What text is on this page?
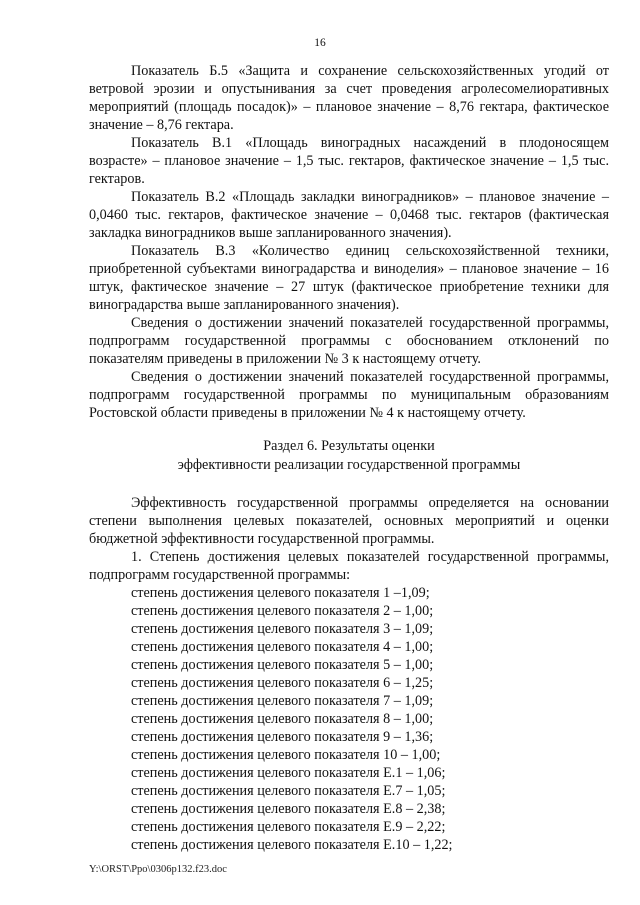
16

Показатель Б.5 «Защита и сохранение сельскохозяйственных угодий от ветровой эрозии и опустынивания за счет проведения агролесомелиоративных мероприятий (площадь посадок)» – плановое значение – 8,76 гектара, фактическое значение – 8,76 гектара.

Показатель В.1 «Площадь виноградных насаждений в плодоносящем возрасте» – плановое значение – 1,5 тыс. гектаров, фактическое значение – 1,5 тыс. гектаров.

Показатель В.2 «Площадь закладки виноградников» – плановое значение – 0,0460 тыс. гектаров, фактическое значение – 0,0468 тыс. гектаров (фактическая закладка виноградников выше запланированного значения).

Показатель В.3 «Количество единиц сельскохозяйственной техники, приобретенной субъектами виноградарства и виноделия» – плановое значение – 16 штук, фактическое значение – 27 штук (фактическое приобретение техники для виноградарства выше запланированного значения).

Сведения о достижении значений показателей государственной программы, подпрограмм государственной программы с обоснованием отклонений по показателям приведены в приложении № 3 к настоящему отчету.

Сведения о достижении значений показателей государственной программы, подпрограмм государственной программы по муниципальным образованиям Ростовской области приведены в приложении № 4 к настоящему отчету.

Раздел 6. Результаты оценки
эффективности реализации государственной программы

Эффективность государственной программы определяется на основании степени выполнения целевых показателей, основных мероприятий и оценки бюджетной эффективности государственной программы.

1. Степень достижения целевых показателей государственной программы, подпрограмм государственной программы:

степень достижения целевого показателя 1 –1,09;
степень достижения целевого показателя 2 – 1,00;
степень достижения целевого показателя 3 – 1,09;
степень достижения целевого показателя 4 – 1,00;
степень достижения целевого показателя 5 – 1,00;
степень достижения целевого показателя 6 – 1,25;
степень достижения целевого показателя 7 – 1,09;
степень достижения целевого показателя 8 – 1,00;
степень достижения целевого показателя 9 – 1,36;
степень достижения целевого показателя 10 – 1,00;
степень достижения целевого показателя Е.1 – 1,06;
степень достижения целевого показателя Е.7 – 1,05;
степень достижения целевого показателя Е.8 – 2,38;
степень достижения целевого показателя Е.9 – 2,22;
степень достижения целевого показателя Е.10 – 1,22;
Y:\ORST\Ppo\0306p132.f23.doc
